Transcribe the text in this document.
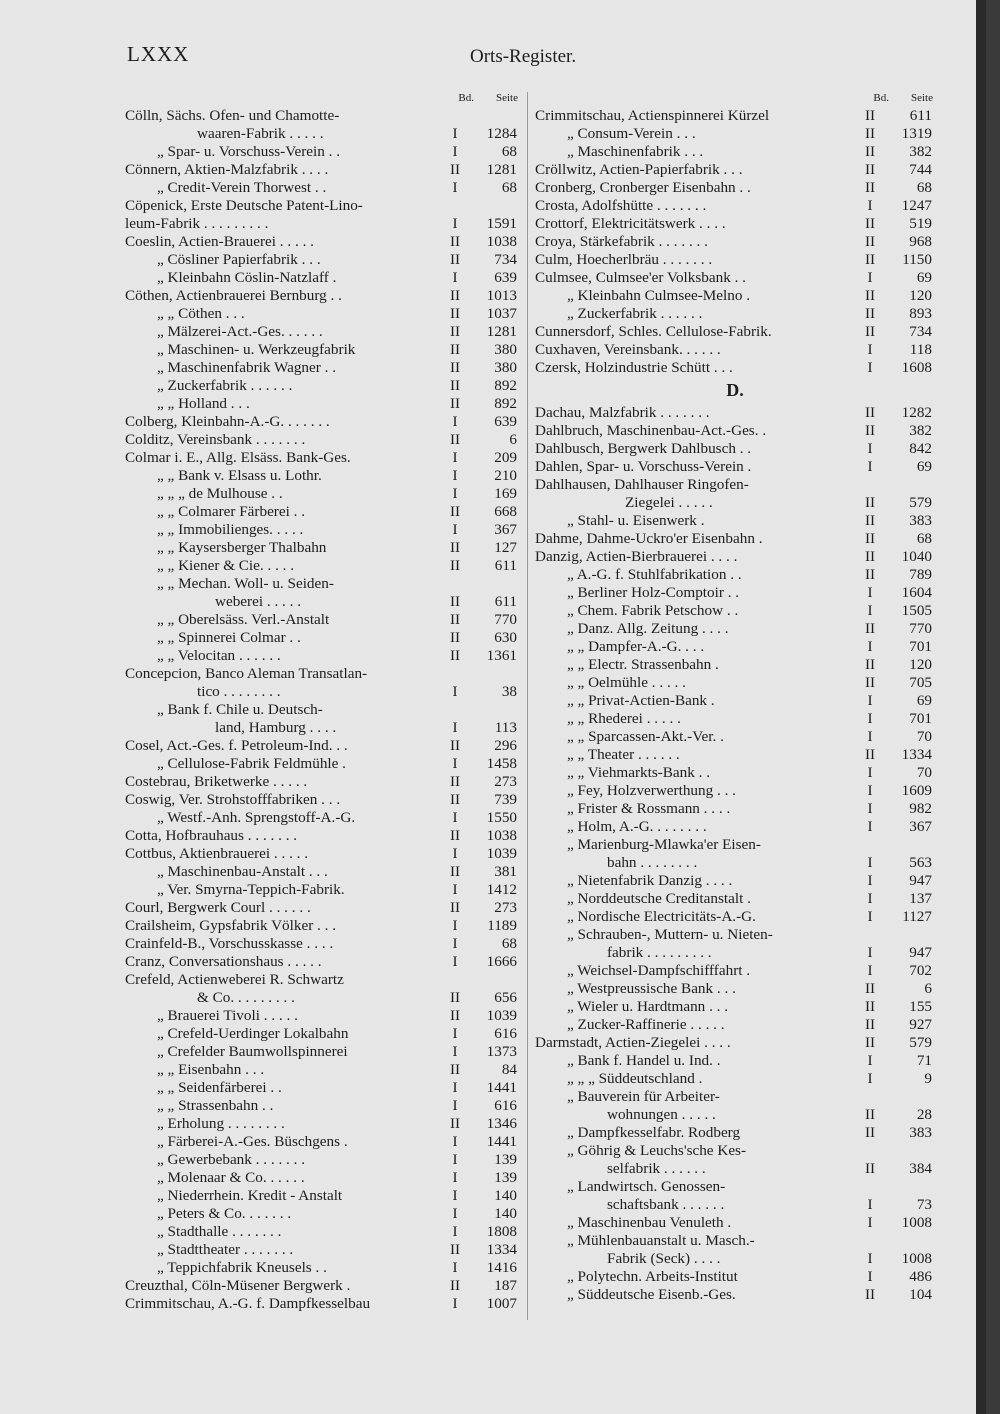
LXXX	Orts-Register.
Bd. Seite
Cölln, Sächs. Ofen- und Chamotte-
waaren-Fabrik . . . . .	I	1284
„ Spar- u. Vorschuss-Verein . .	I	68
Cönnern, Aktien-Malzfabrik . . . .	II	1281
„ Credit-Verein Thorwest . .	I	68
Cöpenick, Erste Deutsche Patent-Lino-
leum-Fabrik . . . . . . . . .	I	1591
Coeslin, Actien-Brauerei . . . . .	II	1038
„ Cösliner Papierfabrik . . .	II	734
„ Kleinbahn Cöslin-Natzlaff .	I	639
Cöthen, Actienbrauerei Bernburg . .	II	1013
„ „ Cöthen . . .	II	1037
„ Mälzerei-Act.-Ges. . . . . .	II	1281
„ Maschinen- u. Werkzeugfabrik	II	380
„ Maschinenfabrik Wagner . .	II	380
„ Zuckerfabrik . . . . . .	II	892
„ „ Holland . . .	II	892
Colberg, Kleinbahn-A.-G. . . . . . .	I	639
Colditz, Vereinsbank . . . . . . .	II	6
Colmar i. E., Allg. Elsäss. Bank-Ges.	I	209
„ „ Bank v. Elsass u. Lothr.	I	210
„ „ „ de Mulhouse . .	I	169
„ „ Colmarer Färberei . .	II	668
„ „ Immobilienges. . . . .	I	367
„ „ Kaysersberger Thalbahn	II	127
„ „ Kiener & Cie. . . . .	II	611
„ „ Mechan. Woll- u. Seiden-
weberei . . . . .	II	611
„ „ Oberelsäss. Verl.-Anstalt	II	770
„ „ Spinnerei Colmar . .	II	630
„ „ Velocitan . . . . . .	II	1361
Concepcion, Banco Aleman Transatlan-
tico . . . . . . . .	I	38
„ Bank f. Chile u. Deutsch-
land, Hamburg . . . .	I	113
Cosel, Act.-Ges. f. Petroleum-Ind. . .	II	296
„ Cellulose-Fabrik Feldmühle .	I	1458
Costebrau, Briketwerke . . . . .	II	273
Coswig, Ver. Strohstofffabriken . . .	II	739
„ Westf.-Anh. Sprengstoff-A.-G.	I	1550
Cotta, Hofbrauhaus . . . . . . .	II	1038
Cottbus, Aktienbrauerei . . . . .	I	1039
„ Maschinenbau-Anstalt . . .	II	381
„ Ver. Smyrna-Teppich-Fabrik.	I	1412
Courl, Bergwerk Courl . . . . . .	II	273
Crailsheim, Gypsfabrik Völker . . .	I	1189
Crainfeld-B., Vorschusskasse . . . .	I	68
Cranz, Conversationshaus . . . . .	I	1666
Crefeld, Actienweberei R. Schwartz
& Co. . . . . . . . .	II	656
„ Brauerei Tivoli . . . . .	II	1039
„ Crefeld-Uerdinger Lokalbahn	I	616
„ Crefelder Baumwollspinnerei	I	1373
„ „ Eisenbahn . . .	II	84
„ „ Seidenfärberei . .	I	1441
„ „ Strassenbahn . .	I	616
„ Erholung . . . . . . . .	II	1346
„ Färberei-A.-Ges. Büschgens .	I	1441
„ Gewerbebank . . . . . . .	I	139
„ Molenaar & Co. . . . . .	I	139
„ Niederrhein. Kredit - Anstalt	I	140
„ Peters & Co. . . . . . .	I	140
„ Stadthalle . . . . . . .	I	1808
„ Stadttheater . . . . . . .	II	1334
„ Teppichfabrik Kneusels . .	I	1416
Creuzthal, Cöln-Müsener Bergwerk .	II	187
Crimmitschau, A.-G. f. Dampfkesselbau	I	1007
Bd. Seite
Crimmitschau, Actienspinnerei Kürzel	II	611
„ Consum-Verein . . .	II	1319
„ Maschinenfabrik . . .	II	382
Cröllwitz, Actien-Papierfabrik . . .	II	744
Cronberg, Cronberger Eisenbahn . .	II	68
Crosta, Adolfshütte . . . . . . .	I	1247
Crottorf, Elektricitätswerk . . . .	II	519
Croya, Stärkefabrik . . . . . . .	II	968
Culm, Hoecherlbräu . . . . . . .	II	1150
Culmsee, Culmsee'er Volksbank . .	I	69
„ Kleinbahn Culmsee-Melno .	II	120
„ Zuckerfabrik . . . . . .	II	893
Cunnersdorf, Schles. Cellulose-Fabrik.	II	734
Cuxhaven, Vereinsbank. . . . . .	I	118
Czersk, Holzindustrie Schütt . . .	I	1608
D.
Dachau, Malzfabrik . . . . . . .	II	1282
Dahlbruch, Maschinenbau-Act.-Ges. .	II	382
Dahlbusch, Bergwerk Dahlbusch . .	I	842
Dahlen, Spar- u. Vorschuss-Verein .	I	69
Dahlhausen, Dahlhauser Ringofen-
Ziegelei . . . . .	II	579
„ Stahl- u. Eisenwerk .	II	383
Dahme, Dahme-Uckro'er Eisenbahn .	II	68
Danzig, Actien-Bierbrauerei . . . .	II	1040
„ A.-G. f. Stuhlfabrikation . .	II	789
„ Berliner Holz-Comptoir . .	I	1604
„ Chem. Fabrik Petschow . .	I	1505
„ Danz. Allg. Zeitung . . . .	II	770
„ „ Dampfer-A.-G. . . .	I	701
„ „ Electr. Strassenbahn .	II	120
„ „ Oelmühle . . . . .	II	705
„ „ Privat-Actien-Bank .	I	69
„ „ Rhederei . . . . .	I	701
„ „ Sparcassen-Akt.-Ver. .	I	70
„ „ Theater . . . . . .	II	1334
„ „ Viehmarkts-Bank . .	I	70
„ Fey, Holzverwerthung . . .	I	1609
„ Frister & Rossmann . . . .	I	982
„ Holm, A.-G. . . . . . . .	I	367
„ Marienburg-Mlawka'er Eisen-
bahn . . . . . . . .	I	563
„ Nietenfabrik Danzig . . . .	I	947
„ Norddeutsche Creditanstalt .	I	137
„ Nordische Electricitäts-A.-G.	I	1127
„ Schrauben-, Muttern- u. Nieten-
fabrik . . . . . . . . .	I	947
„ Weichsel-Dampfschifffahrt .	I	702
„ Westpreussische Bank . . .	II	6
„ Wieler u. Hardtmann . . .	II	155
„ Zucker-Raffinerie . . . . .	II	927
Darmstadt, Actien-Ziegelei . . . .	II	579
„ Bank f. Handel u. Ind. .	I	71
„ „ „ Süddeutschland .	I	9
„ Bauverein für Arbeiter-
wohnungen . . . . .	II	28
„ Dampfkesselfabr. Rodberg	II	383
„ Göhrig & Leuchs'sche Kes-
selfabrik . . . . . .	II	384
„ Landwirtsch. Genossen-
schaftsbank . . . . . .	I	73
„ Maschinenbau Venuleth .	I	1008
„ Mühlenbauanstalt u. Masch.-
Fabrik (Seck) . . . .	I	1008
„ Polytechn. Arbeits-Institut	I	486
„ Süddeutsche Eisenb.-Ges.	II	104
